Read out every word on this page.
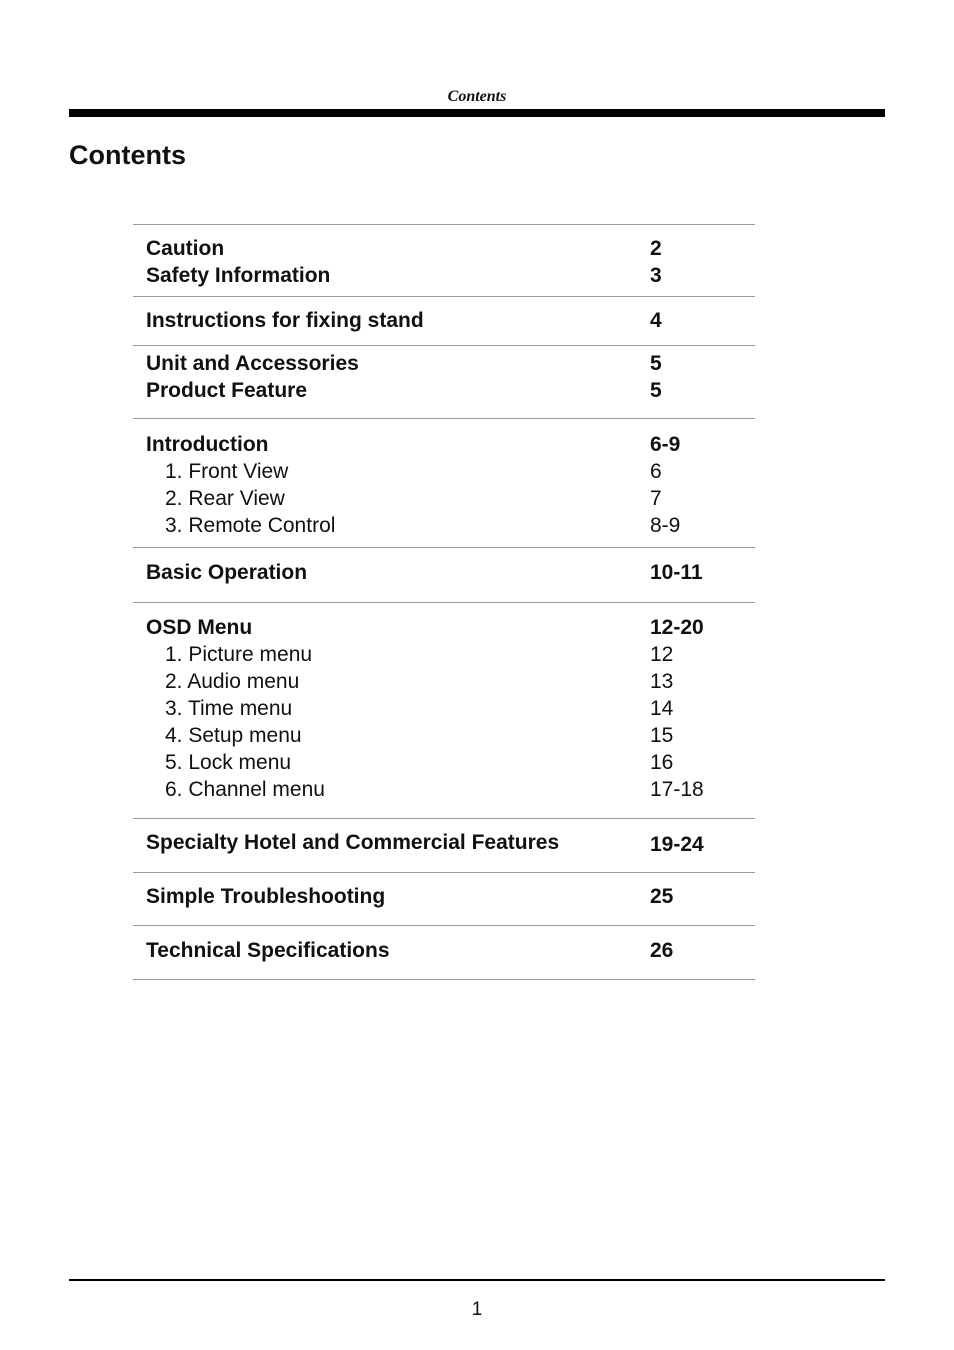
Contents
Contents
Caution	2
Safety Information	3
Instructions for fixing stand	4
Unit and Accessories	5
Product Feature	5
Introduction	6-9
1. Front View	6
2. Rear View	7
3. Remote Control	8-9
Basic Operation	10-11
OSD Menu	12-20
1. Picture menu	12
2. Audio menu	13
3. Time menu	14
4. Setup menu	15
5. Lock menu	16
6. Channel menu	17-18
Specialty Hotel and Commercial Features	19-24
Simple Troubleshooting	25
Technical Specifications	26
1
